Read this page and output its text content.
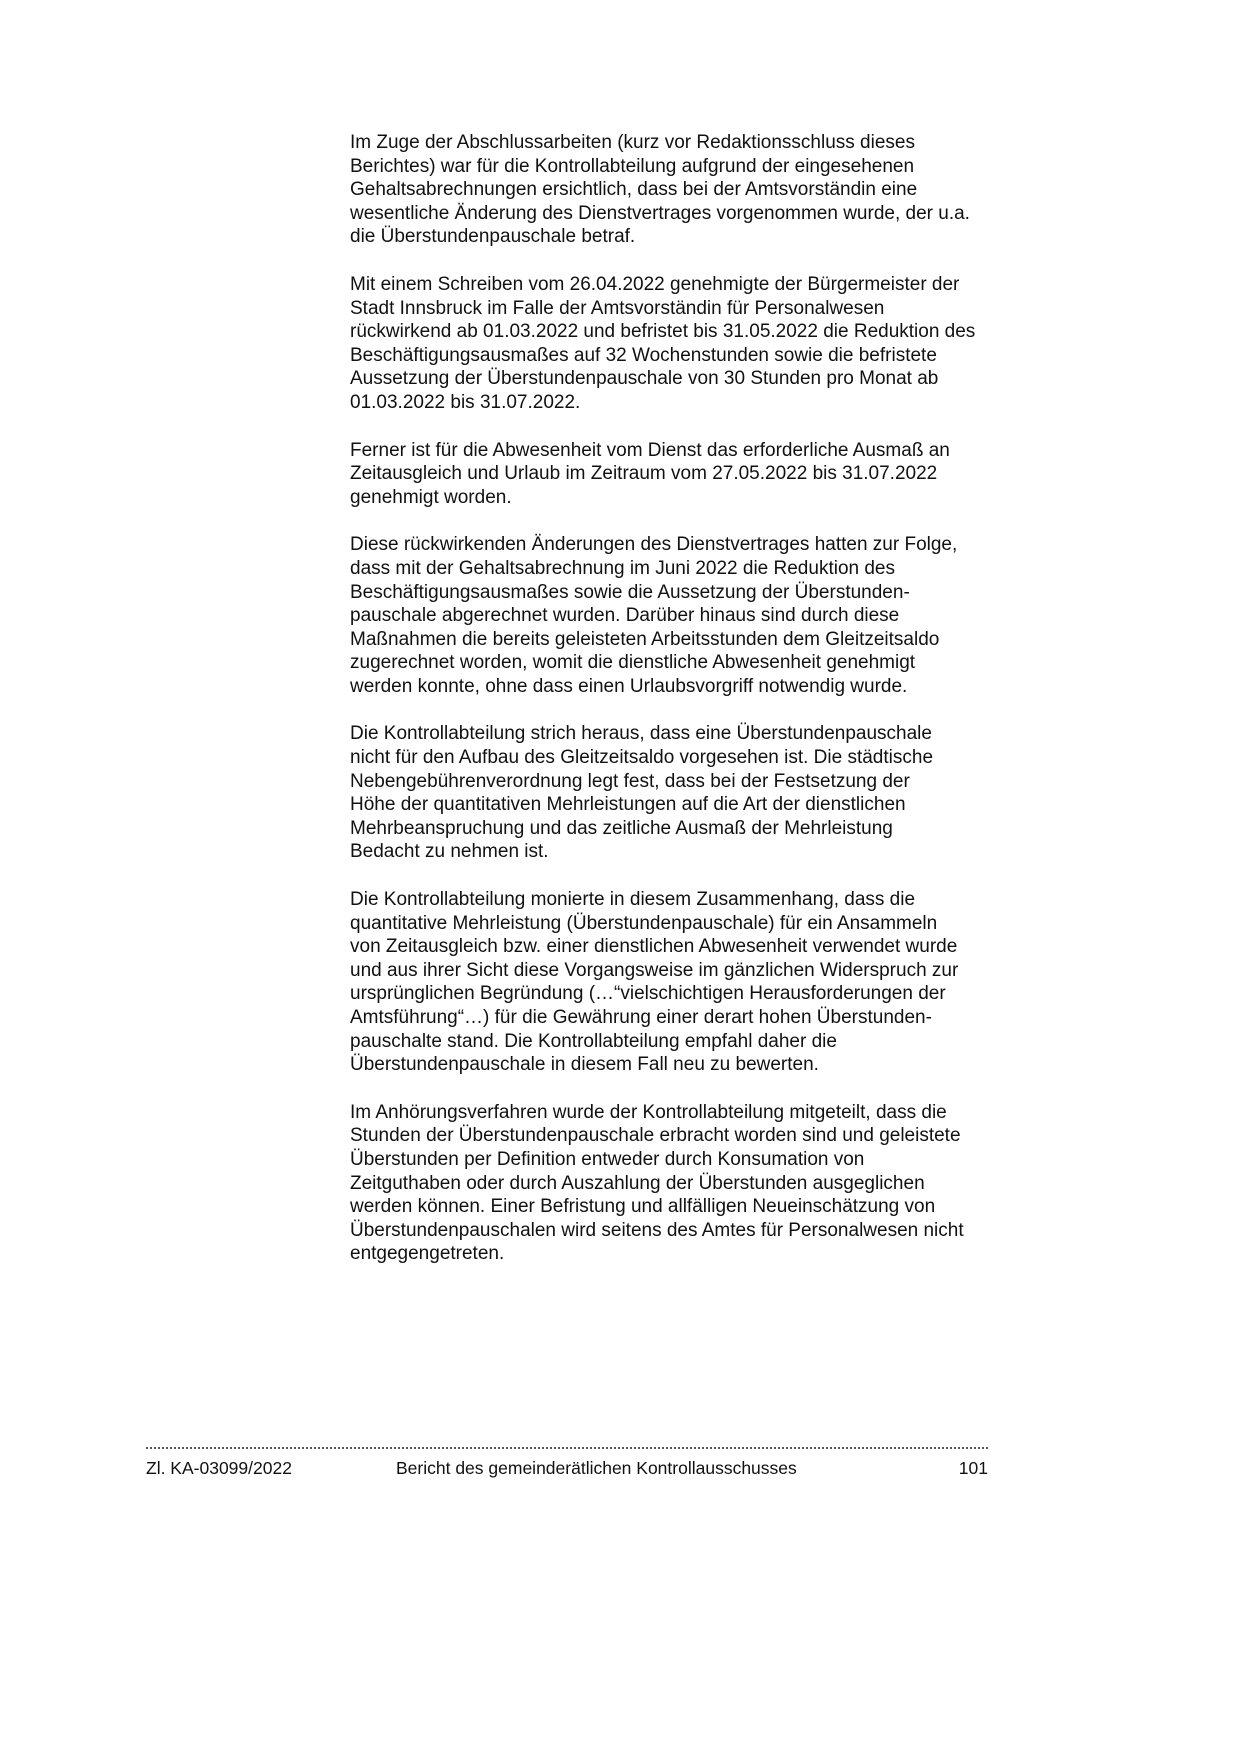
Im Zuge der Abschlussarbeiten (kurz vor Redaktionsschluss dieses
Berichtes) war für die Kontrollabteilung aufgrund der eingesehenen
Gehaltsabrechnungen ersichtlich, dass bei der Amtsvorständin eine
wesentliche Änderung des Dienstvertrages vorgenommen wurde, der u.a.
die Überstundenpauschale betraf.

Mit einem Schreiben vom 26.04.2022 genehmigte der Bürgermeister der
Stadt Innsbruck im Falle der Amtsvorständin für Personalwesen
rückwirkend ab 01.03.2022 und befristet bis 31.05.2022 die Reduktion des
Beschäftigungsausmaßes auf 32 Wochenstunden sowie die befristete
Aussetzung der Überstundenpauschale von 30 Stunden pro Monat ab
01.03.2022 bis 31.07.2022.

Ferner ist für die Abwesenheit vom Dienst das erforderliche Ausmaß an
Zeitausgleich und Urlaub im Zeitraum vom 27.05.2022 bis 31.07.2022
genehmigt worden.

Diese rückwirkenden Änderungen des Dienstvertrages hatten zur Folge,
dass mit der Gehaltsabrechnung im Juni 2022 die Reduktion des
Beschäftigungsausmaßes sowie die Aussetzung der Überstunden-
pauschale abgerechnet wurden. Darüber hinaus sind durch diese
Maßnahmen die bereits geleisteten Arbeitsstunden dem Gleitzeitsaldo
zugerechnet worden, womit die dienstliche Abwesenheit genehmigt
werden konnte, ohne dass einen Urlaubsvorgriff notwendig wurde.

Die Kontrollabteilung strich heraus, dass eine Überstundenpauschale
nicht für den Aufbau des Gleitzeitsaldo vorgesehen ist. Die städtische
Nebengebührenverordnung legt fest, dass bei der Festsetzung der
Höhe der quantitativen Mehrleistungen auf die Art der dienstlichen
Mehrbeanspruchung und das zeitliche Ausmaß der Mehrleistung
Bedacht zu nehmen ist.

Die Kontrollabteilung monierte in diesem Zusammenhang, dass die
quantitative Mehrleistung (Überstundenpauschale) für ein Ansammeln
von Zeitausgleich bzw. einer dienstlichen Abwesenheit verwendet wurde
und aus ihrer Sicht diese Vorgangsweise im gänzlichen Widerspruch zur
ursprünglichen Begründung (…“vielschichtigen Herausforderungen der
Amtsführung“…) für die Gewährung einer derart hohen Überstunden-
pauschalte stand. Die Kontrollabteilung empfahl daher die
Überstundenpauschale in diesem Fall neu zu bewerten.

Im Anhörungsverfahren wurde der Kontrollabteilung mitgeteilt, dass die
Stunden der Überstundenpauschale erbracht worden sind und geleistete
Überstunden per Definition entweder durch Konsumation von
Zeitguthaben oder durch Auszahlung der Überstunden ausgeglichen
werden können. Einer Befristung und allfälligen Neueinschätzung von
Überstundenpauschalen wird seitens des Amtes für Personalwesen nicht
entgegengetreten.

Zl. KA-03099/2022	Bericht des gemeinderätlichen Kontrollausschusses	101
